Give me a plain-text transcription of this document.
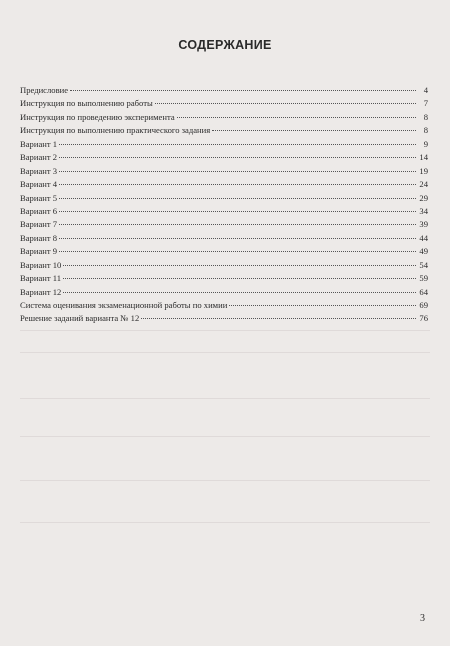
СОДЕРЖАНИЕ
Предисловие	4
Инструкция по выполнению работы	7
Инструкция по проведению эксперимента	8
Инструкция по выполнению практического задания	8
Вариант 1	9
Вариант 2	14
Вариант 3	19
Вариант 4	24
Вариант 5	29
Вариант 6	34
Вариант 7	39
Вариант 8	44
Вариант 9	49
Вариант 10	54
Вариант 11	59
Вариант 12	64
Система оценивания экзаменационной работы по химии	69
Решение заданий варианта № 12	76
3
